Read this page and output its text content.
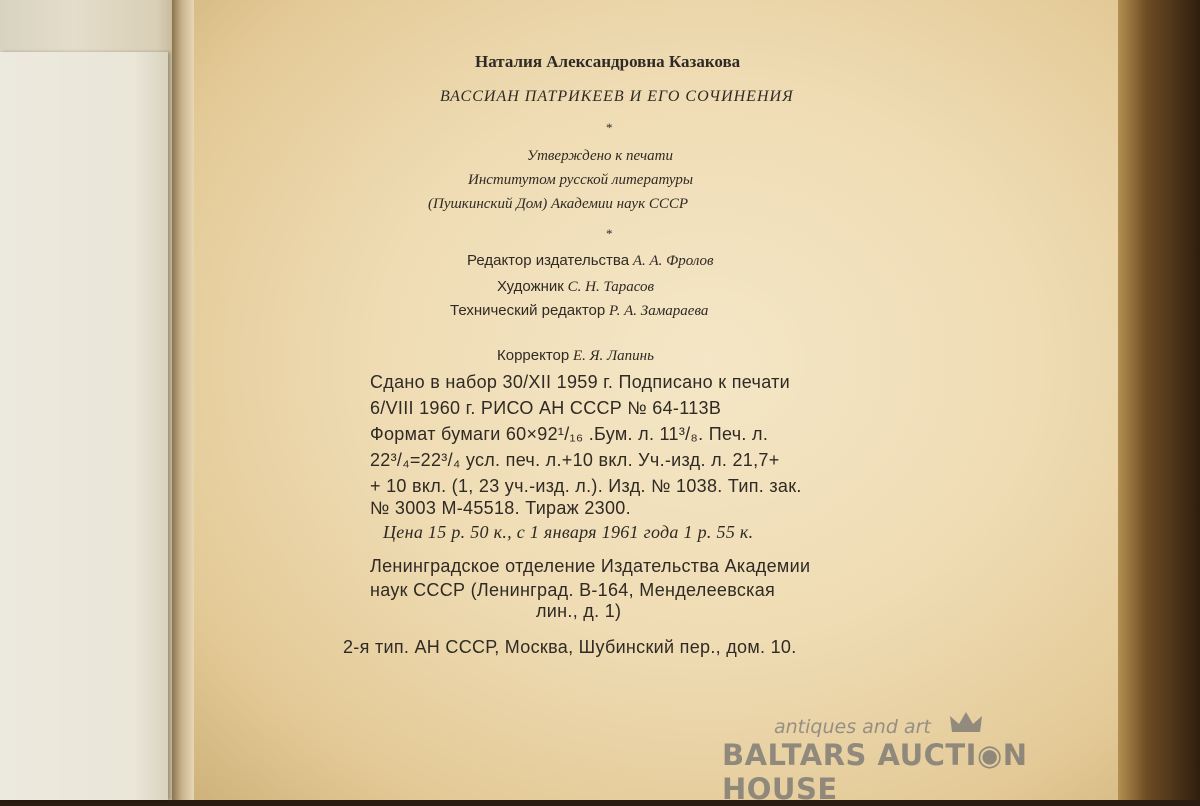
Наталия Александровна Казакова
ВАССИАН ПАТРИКЕЕВ И ЕГО СОЧИНЕНИЯ
*
Утверждено к печати
Институтом русской литературы
(Пушкинский Дом) Академии наук СССР
*
Редактор издательства А. А. Фролов
Художник С. Н. Тарасов
Технический редактор Р. А. Замараева
Корректор Е. Я. Лапинь
Сдано в набор 30/XII 1959 г. Подписано к печати
6/VIII 1960 г. РИСО АН СССР № 64-113В
Формат бумаги 60×92¹/₁₆ .Бум. л. 11³/₈. Печ. л.
22³/₄=22³/₄ усл. печ. л.+10 вкл. Уч.-изд. л. 21,7+
+ 10 вкл. (1, 23 уч.-изд. л.). Изд. № 1038. Тип. зак.
№ 3003 М-45518. Тираж 2300.
Цена 15 р. 50 к., с 1 января 1961 года 1 р. 55 к.
Ленинградское отделение Издательства Академии
наук СССР (Ленинград. В-164, Менделеевская
лин., д. 1)
2-я тип. АН СССР, Москва, Шубинский пер., дом. 10.
antiques and art
BALTARS AUCTI◉N HOUSE
